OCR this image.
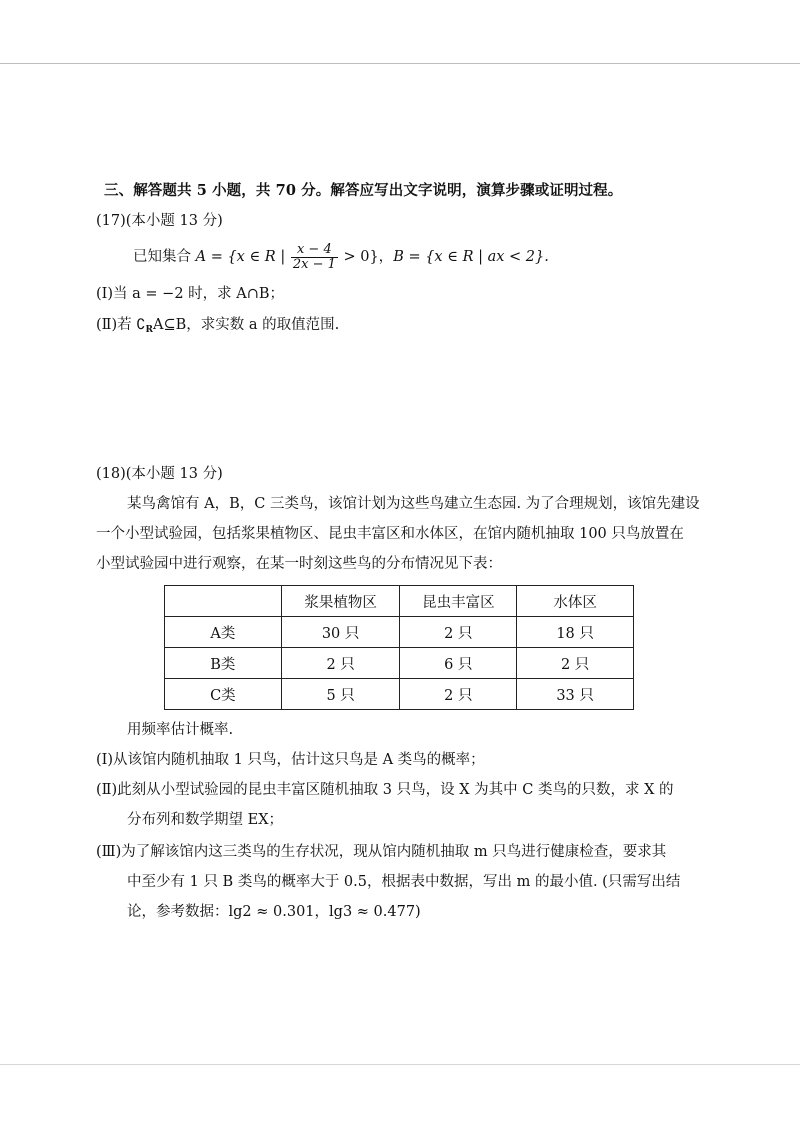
三、解答题共 5 小题，共 70 分。解答应写出文字说明，演算步骤或证明过程。
(17)(本小题 13 分)
已知集合 A = {x ∈ R | $\frac{x - 4}{2x - 1} > 0$}，B = {x ∈ R | ax < 2}.
(Ⅰ)当 a = −2 时，求 A∩B；
(Ⅱ)若 $∁_RA⊆B$，求实数 a 的取值范围.
(18)(本小题 13 分)
某鸟禽馆有 A，B，C 三类鸟，该馆计划为这些鸟建立生态园. 为了合理规划，该馆先建设
一个小型试验园，包括浆果植物区、昆虫丰富区和水体区，在馆内随机抽取 100 只鸟放置在
小型试验园中进行观察，在某一时刻这些鸟的分布情况见下表：
	浆果植物区	昆虫丰富区	水体区
A类	30 只	2 只	18 只
B类	2 只	6 只	2 只
C类	5 只	2 只	33 只
用频率估计概率.
(Ⅰ)从该馆内随机抽取 1 只鸟，估计这只鸟是 A 类鸟的概率；
(Ⅱ)此刻从小型试验园的昆虫丰富区随机抽取 3 只鸟，设 X 为其中 C 类鸟的只数，求 X 的
分布列和数学期望 EX；
(Ⅲ)为了解该馆内这三类鸟的生存状况，现从馆内随机抽取 m 只鸟进行健康检查，要求其
中至少有 1 只 B 类鸟的概率大于 0.5，根据表中数据，写出 m 的最小值. (只需写出结
论，参考数据：lg2 ≈ 0.301，lg3 ≈ 0.477)
